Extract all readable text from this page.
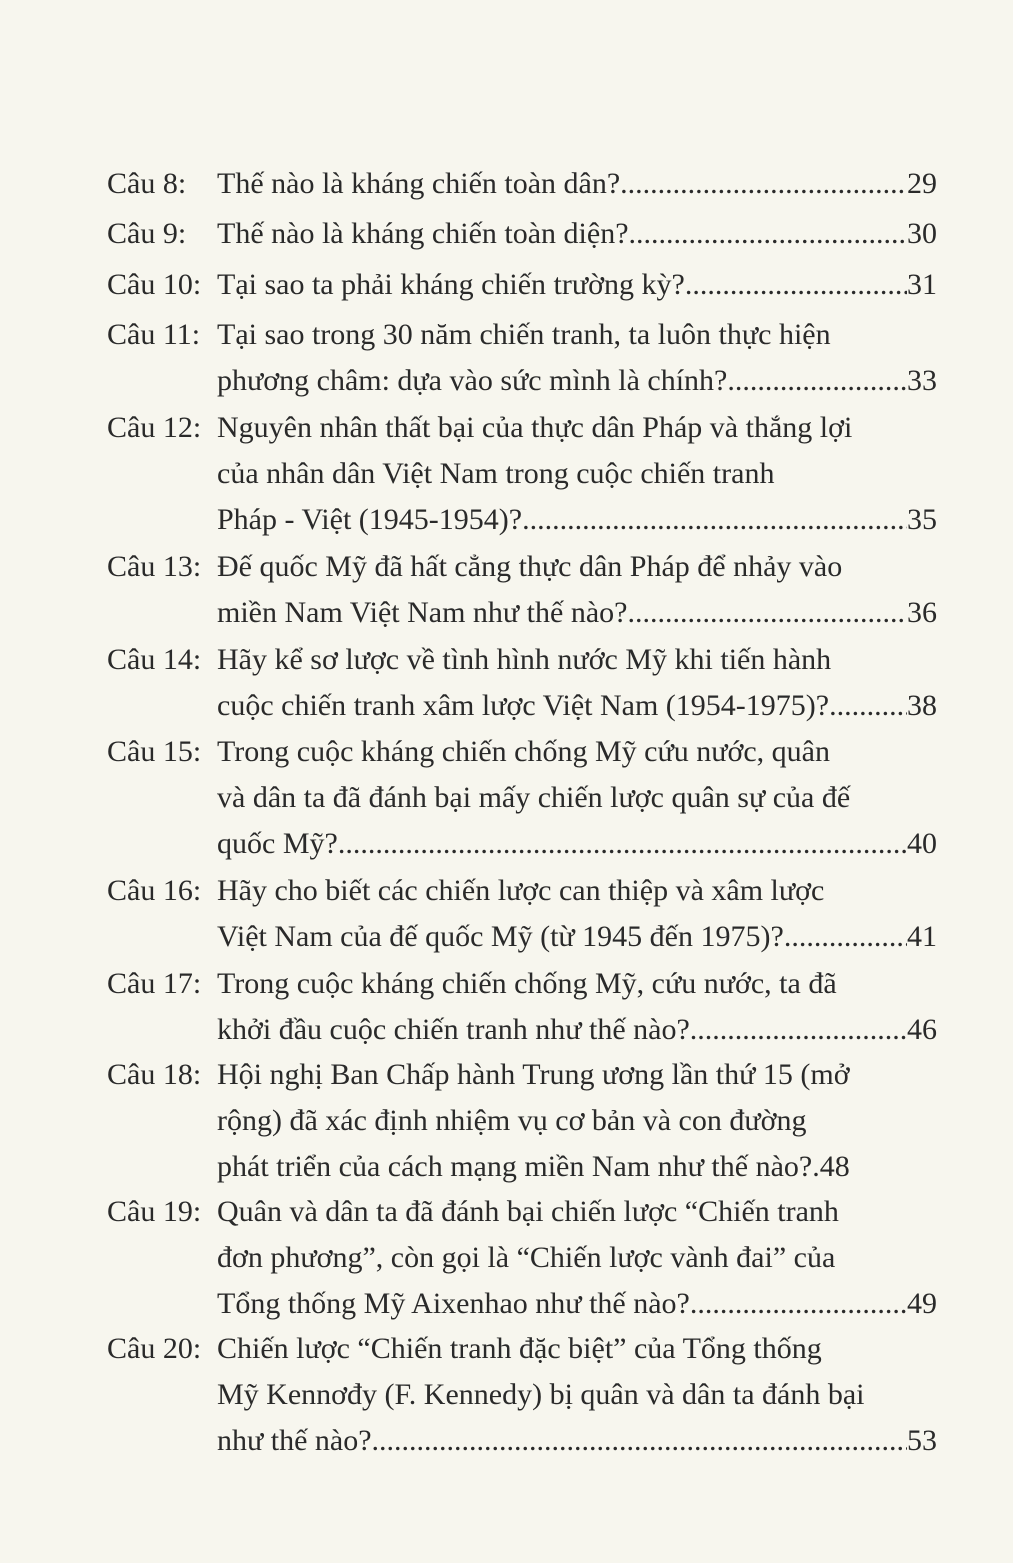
Câu 8: Thế nào là kháng chiến toàn dân? .....	29
Câu 9: Thế nào là kháng chiến toàn diện? .....	30
Câu 10: Tại sao ta phải kháng chiến trường kỳ? .....	31
Câu 11: Tại sao trong 30 năm chiến tranh, ta luôn thực hiện
phương châm: dựa vào sức mình là chính? .....	33
Câu 12: Nguyên nhân thất bại của thực dân Pháp và thắng lợi
của nhân dân Việt Nam trong cuộc chiến tranh
Pháp - Việt (1945-1954)? .....	35
Câu 13: Đế quốc Mỹ đã hất cẳng thực dân Pháp để nhảy vào
miền Nam Việt Nam như thế nào? .....	36
Câu 14: Hãy kể sơ lược về tình hình nước Mỹ khi tiến hành
cuộc chiến tranh xâm lược Việt Nam (1954-1975)? .....	38
Câu 15: Trong cuộc kháng chiến chống Mỹ cứu nước, quân
và dân ta đã đánh bại mấy chiến lược quân sự của đế
quốc Mỹ? .....	40
Câu 16: Hãy cho biết các chiến lược can thiệp và xâm lược
Việt Nam của đế quốc Mỹ (từ 1945 đến 1975)? .....	41
Câu 17: Trong cuộc kháng chiến chống Mỹ, cứu nước, ta đã
khởi đầu cuộc chiến tranh như thế nào? .....	46
Câu 18: Hội nghị Ban Chấp hành Trung ương lần thứ 15 (mở
rộng) đã xác định nhiệm vụ cơ bản và con đường
phát triển của cách mạng miền Nam như thế nào? .48
Câu 19: Quân và dân ta đã đánh bại chiến lược “Chiến tranh
đơn phương”, còn gọi là “Chiến lược vành đai” của
Tổng thống Mỹ Aixenhao như thế nào? .....	49
Câu 20: Chiến lược “Chiến tranh đặc biệt” của Tổng thống
Mỹ Kennơđy (F. Kennedy) bị quân và dân ta đánh bại
như thế nào? .....	53
